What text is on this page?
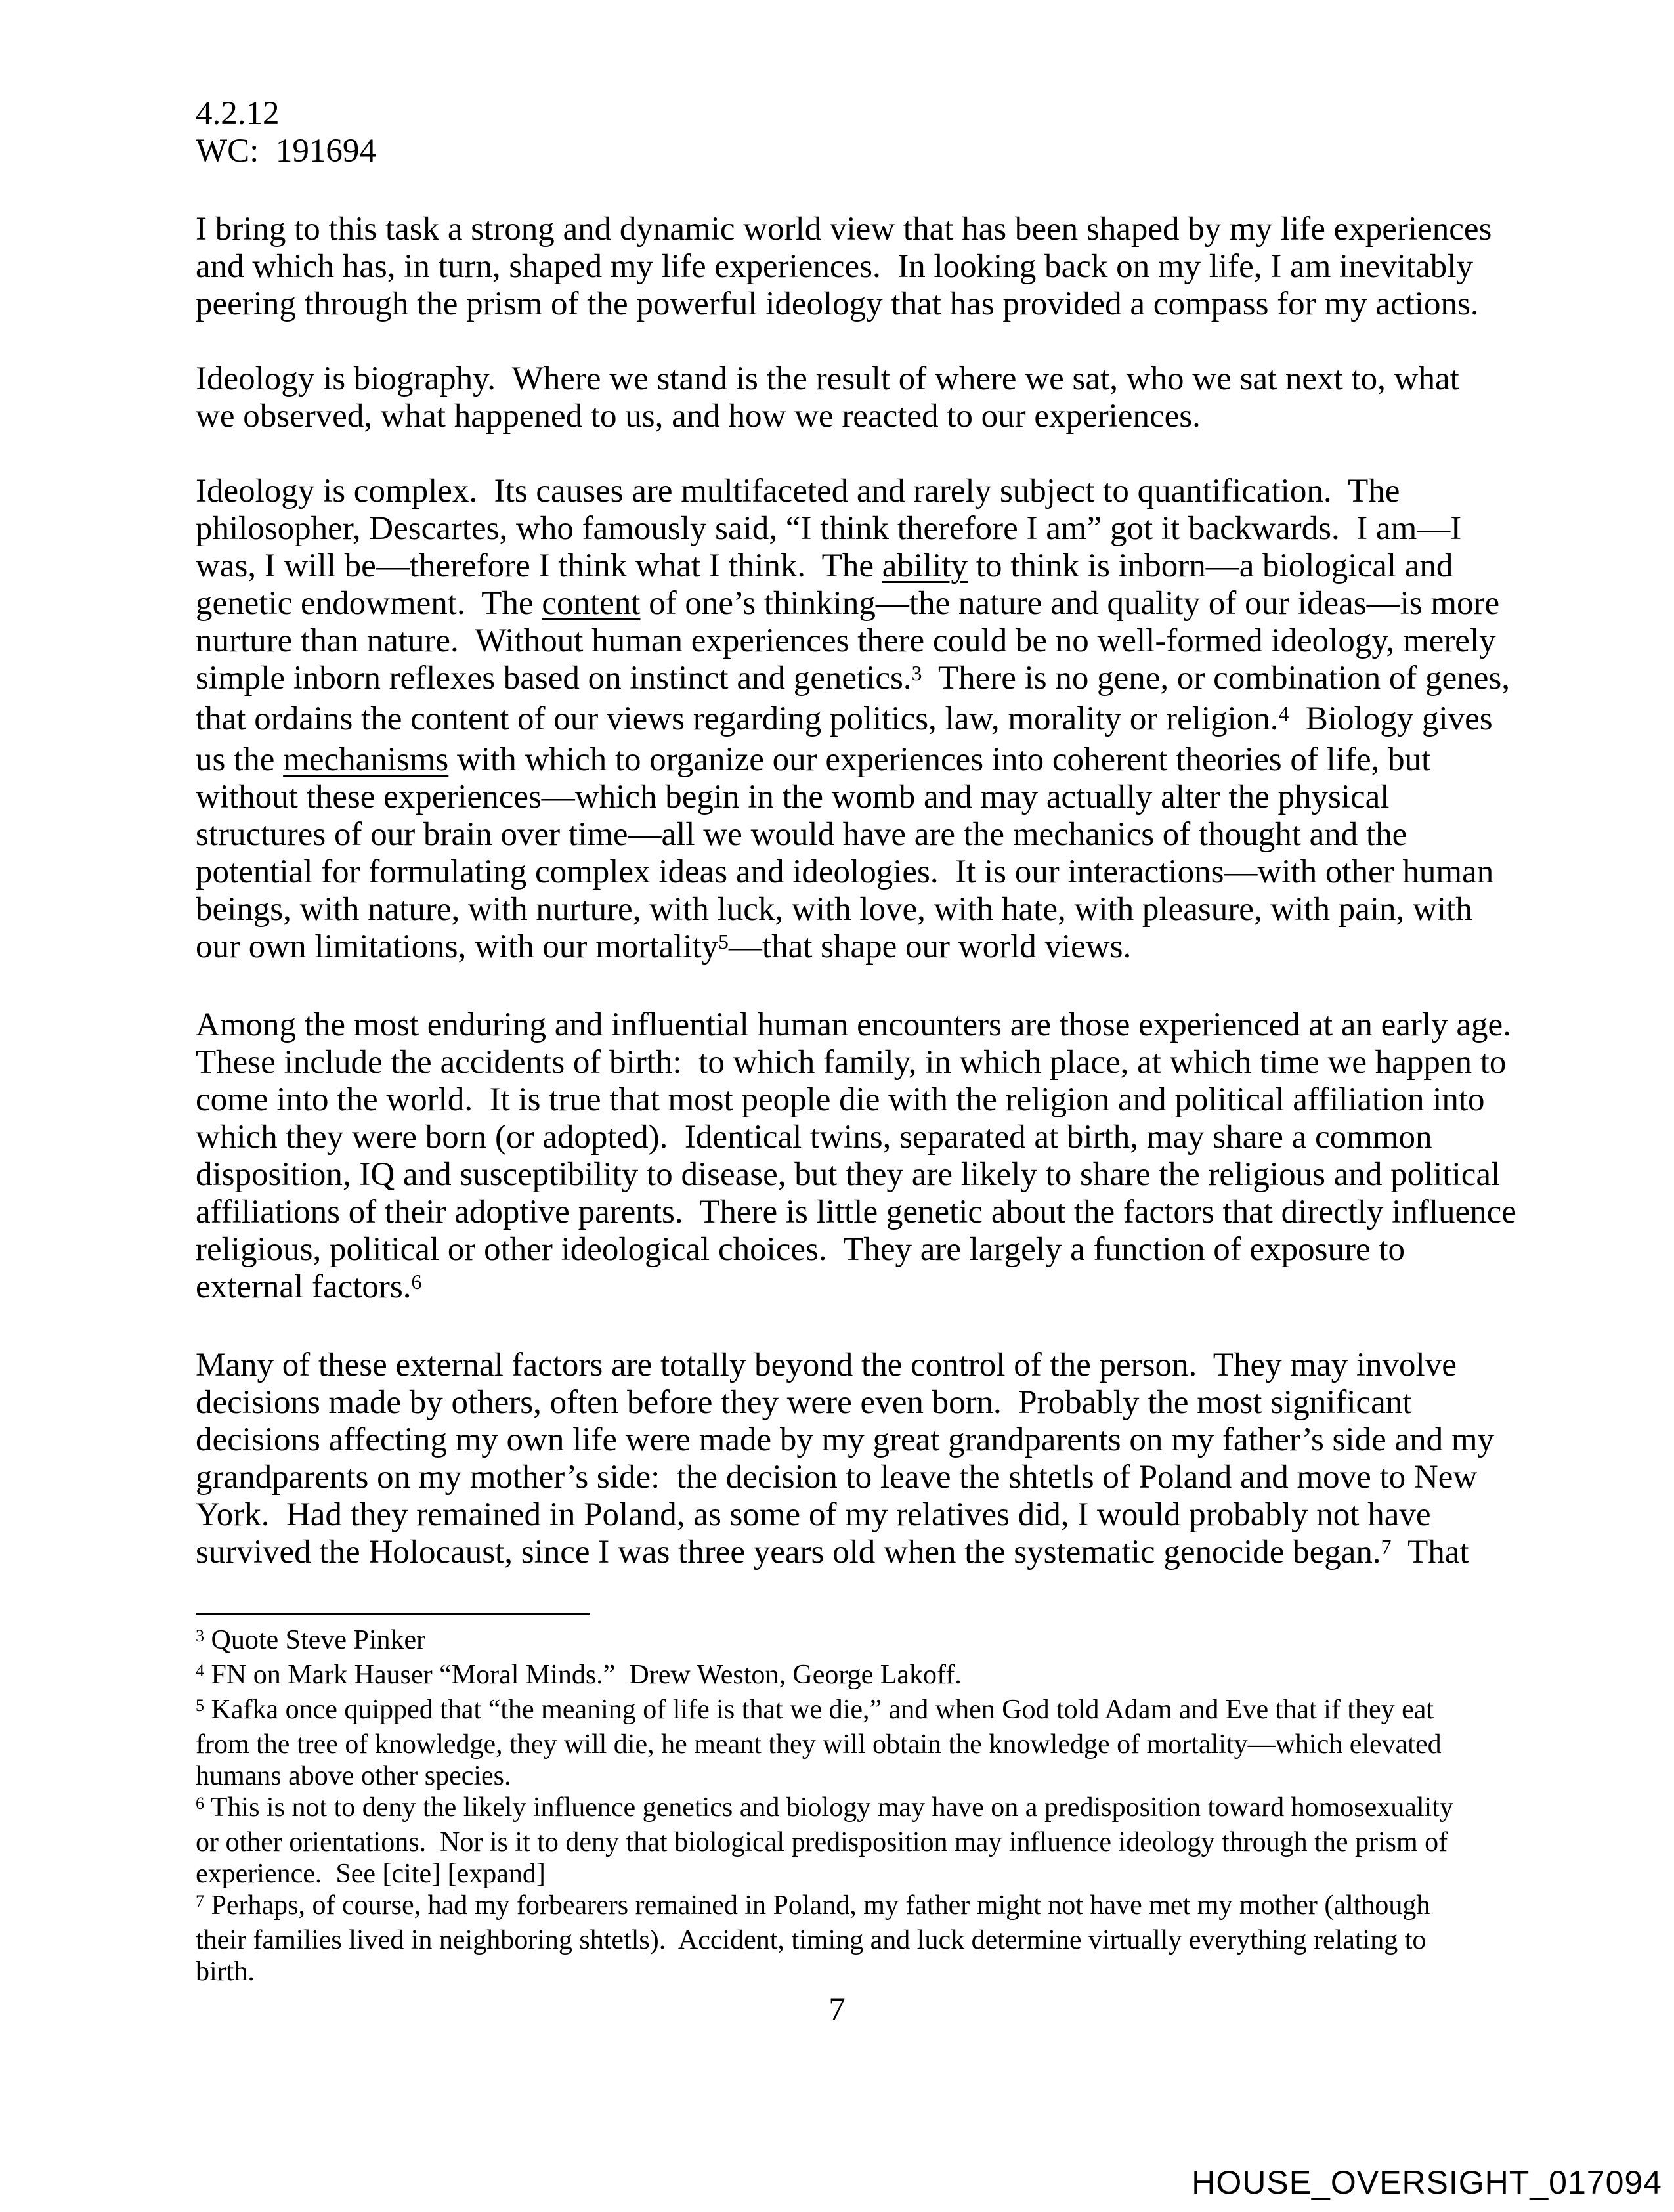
4.2.12
WC:  191694
I bring to this task a strong and dynamic world view that has been shaped by my life experiences
and which has, in turn, shaped my life experiences.  In looking back on my life, I am inevitably
peering through the prism of the powerful ideology that has provided a compass for my actions.
Ideology is biography.  Where we stand is the result of where we sat, who we sat next to, what
we observed, what happened to us, and how we reacted to our experiences.
Ideology is complex.  Its causes are multifaceted and rarely subject to quantification.  The
philosopher, Descartes, who famously said, “I think therefore I am” got it backwards.  I am—I
was, I will be—therefore I think what I think.  The ability to think is inborn—a biological and
genetic endowment.  The content of one’s thinking—the nature and quality of our ideas—is more
nurture than nature.  Without human experiences there could be no well-formed ideology, merely
simple inborn reflexes based on instinct and genetics.$^3$  There is no gene, or combination of genes,
that ordains the content of our views regarding politics, law, morality or religion.$^4$  Biology gives
us the mechanisms with which to organize our experiences into coherent theories of life, but
without these experiences—which begin in the womb and may actually alter the physical
structures of our brain over time—all we would have are the mechanics of thought and the
potential for formulating complex ideas and ideologies.  It is our interactions—with other human
beings, with nature, with nurture, with luck, with love, with hate, with pleasure, with pain, with
our own limitations, with our mortality$^5$—that shape our world views.
Among the most enduring and influential human encounters are those experienced at an early age.
These include the accidents of birth:  to which family, in which place, at which time we happen to
come into the world.  It is true that most people die with the religion and political affiliation into
which they were born (or adopted).  Identical twins, separated at birth, may share a common
disposition, IQ and susceptibility to disease, but they are likely to share the religious and political
affiliations of their adoptive parents.  There is little genetic about the factors that directly influence
religious, political or other ideological choices.  They are largely a function of exposure to
external factors.$^6$
Many of these external factors are totally beyond the control of the person.  They may involve
decisions made by others, often before they were even born.  Probably the most significant
decisions affecting my own life were made by my great grandparents on my father’s side and my
grandparents on my mother’s side:  the decision to leave the shtetls of Poland and move to New
York.  Had they remained in Poland, as some of my relatives did, I would probably not have
survived the Holocaust, since I was three years old when the systematic genocide began.$^7$  That
$^3$ Quote Steve Pinker
$^4$ FN on Mark Hauser “Moral Minds.”  Drew Weston, George Lakoff.
$^5$ Kafka once quipped that “the meaning of life is that we die,” and when God told Adam and Eve that if they eat
from the tree of knowledge, they will die, he meant they will obtain the knowledge of mortality—which elevated
humans above other species.
$^6$ This is not to deny the likely influence genetics and biology may have on a predisposition toward homosexuality
or other orientations.  Nor is it to deny that biological predisposition may influence ideology through the prism of
experience.  See [cite] [expand]
$^7$ Perhaps, of course, had my forbearers remained in Poland, my father might not have met my mother (although
their families lived in neighboring shtetls).  Accident, timing and luck determine virtually everything relating to
birth.
7
HOUSE_OVERSIGHT_017094
